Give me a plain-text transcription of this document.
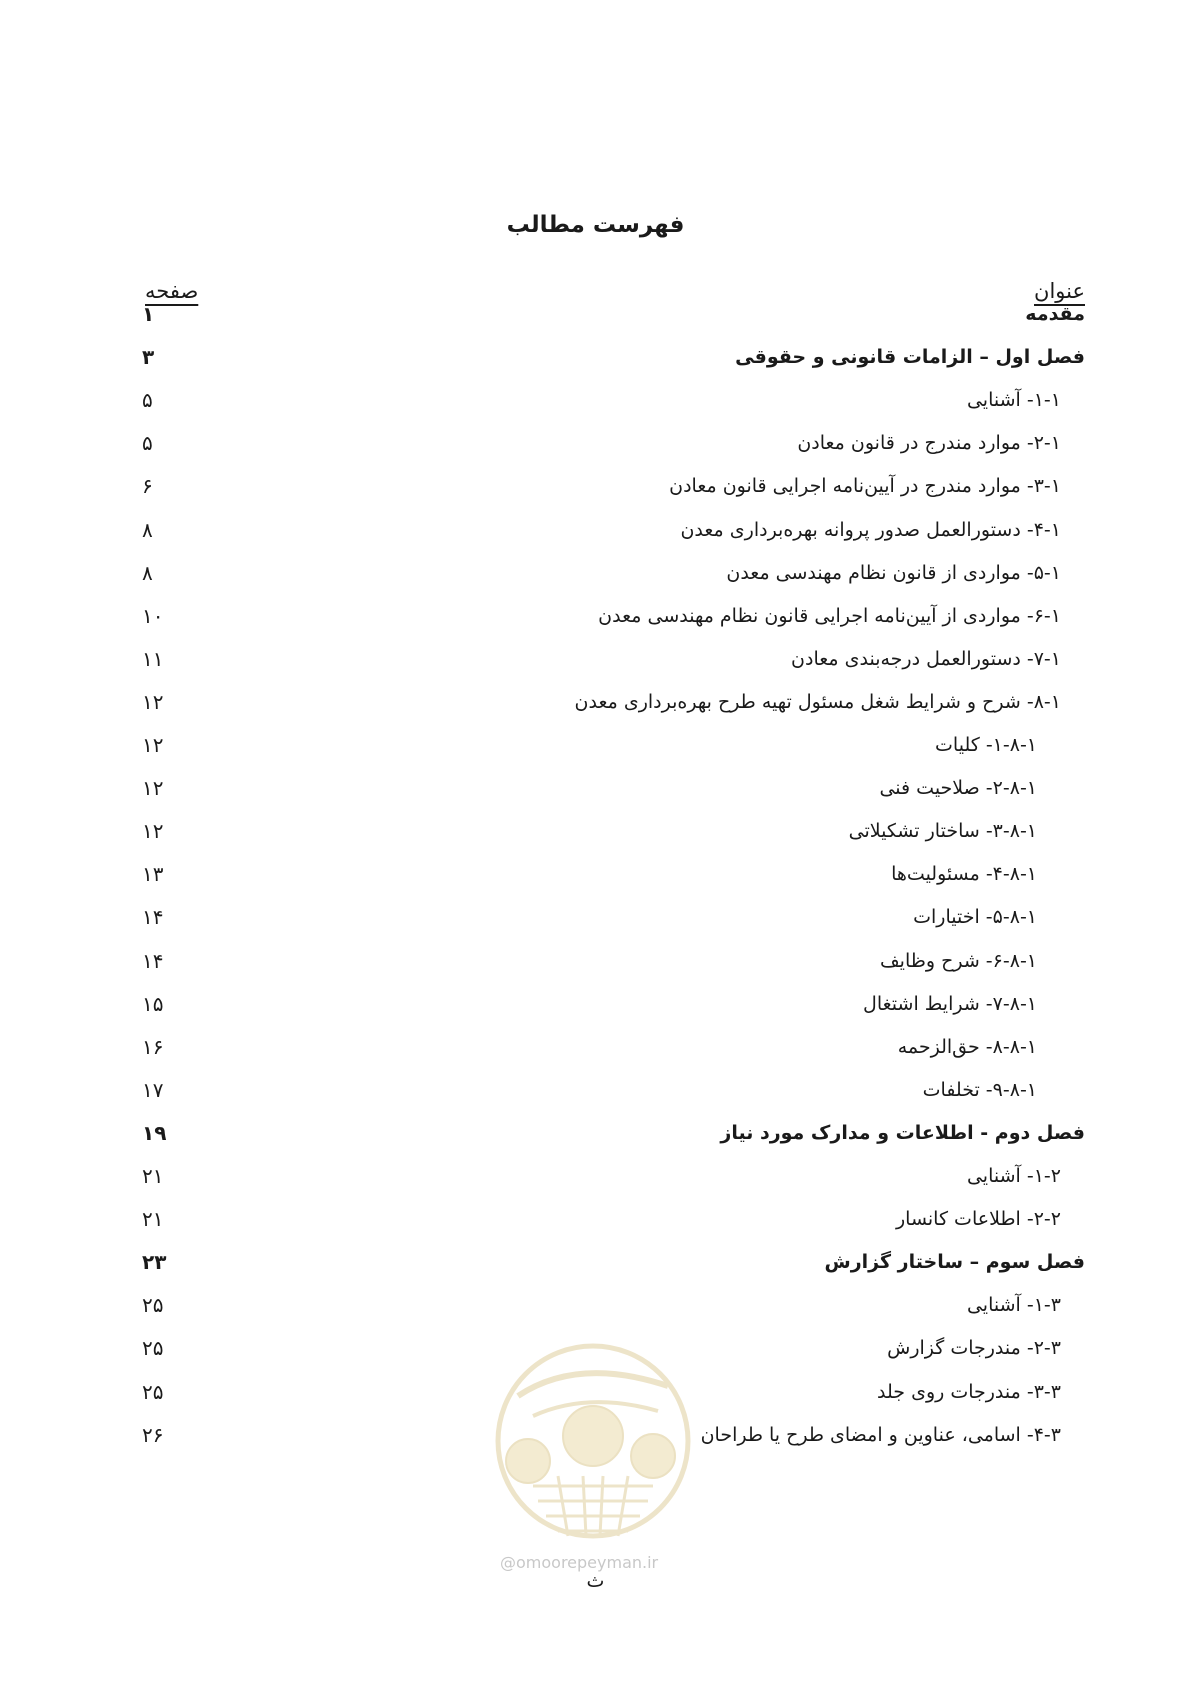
فهرست مطالب
عنوان
صفحه
مقدمه
۱
فصل اول – الزامات قانونی و حقوقی
۳
۱-۱- آشنایی
۵
۲-۱- موارد مندرج در قانون معادن
۵
۳-۱- موارد مندرج در آیین‌نامه اجرایی قانون معادن
۶
۴-۱- دستورالعمل صدور پروانه بهره‌برداری معدن
۸
۵-۱- مواردی از قانون نظام مهندسی معدن
۸
۶-۱- مواردی از آیین‌نامه اجرایی قانون نظام مهندسی معدن
۱۰
۷-۱- دستورالعمل درجه‌بندی معادن
۱۱
۸-۱- شرح و شرایط شغل مسئول تهیه طرح بهره‌برداری معدن
۱۲
۱-۸-۱- کلیات
۱۲
۲-۸-۱- صلاحیت فنی
۱۲
۳-۸-۱- ساختار تشکیلاتی
۱۲
۴-۸-۱- مسئولیت‌ها
۱۳
۵-۸-۱- اختیارات
۱۴
۶-۸-۱- شرح وظایف
۱۴
۷-۸-۱- شرایط اشتغال
۱۵
۸-۸-۱- حق‌الزحمه
۱۶
۹-۸-۱- تخلفات
۱۷
فصل دوم - اطلاعات و مدارک مورد نیاز
۱۹
۱-۲- آشنایی
۲۱
۲-۲- اطلاعات کانسار
۲۱
فصل سوم – ساختار گزارش
۲۳
۱-۳- آشنایی
۲۵
۲-۳- مندرجات گزارش
۲۵
۳-۳- مندرجات روی جلد
۲۵
۴-۳- اسامی، عناوین و امضای طرح یا طراحان
۲۶
@omoorepeyman.ir
ث
